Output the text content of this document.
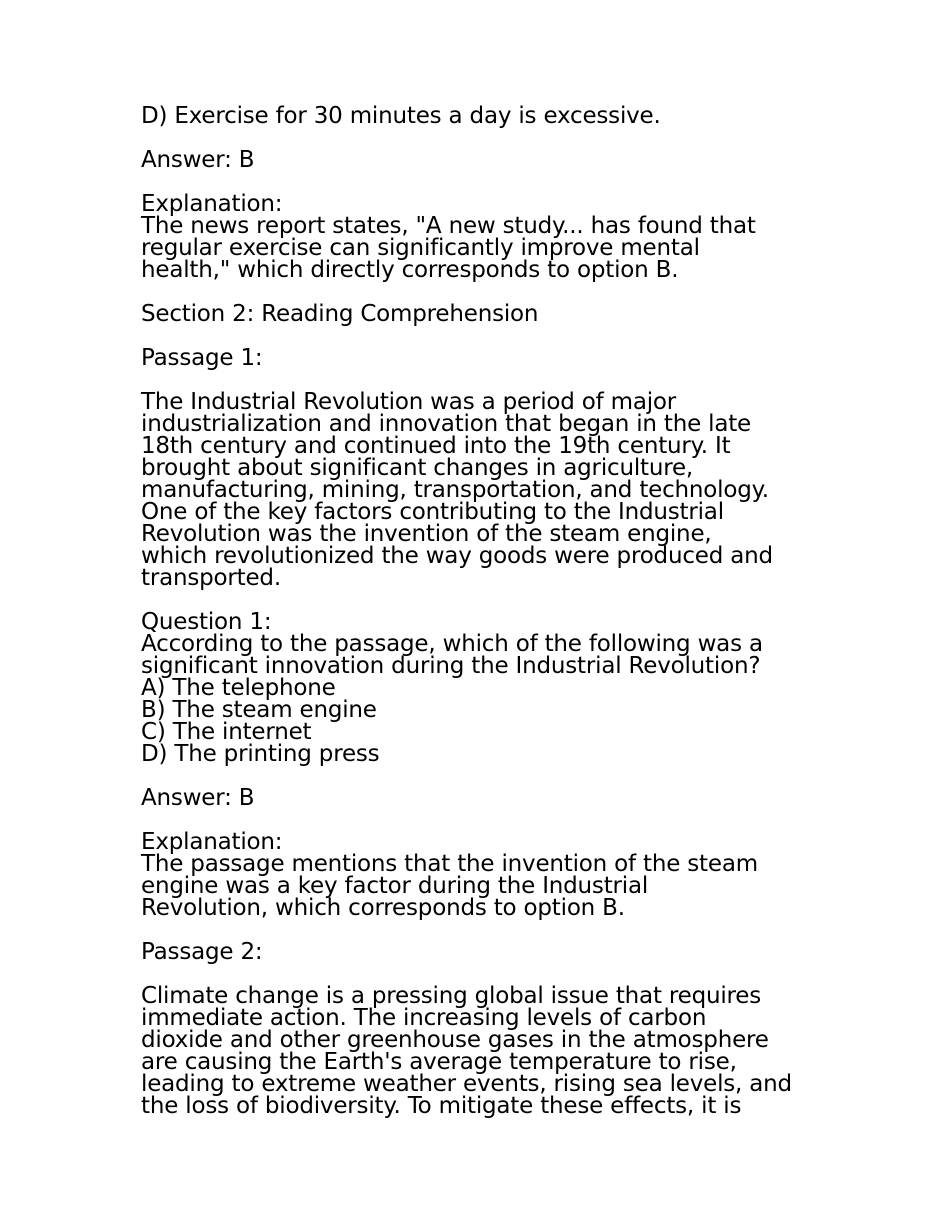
D) Exercise for 30 minutes a day is excessive.
Answer: B
Explanation:
The news report states, "A new study... has found that
regular exercise can significantly improve mental
health," which directly corresponds to option B.
Section 2: Reading Comprehension
Passage 1:
The Industrial Revolution was a period of major
industrialization and innovation that began in the late
18th century and continued into the 19th century. It
brought about significant changes in agriculture,
manufacturing, mining, transportation, and technology.
One of the key factors contributing to the Industrial
Revolution was the invention of the steam engine,
which revolutionized the way goods were produced and
transported.
Question 1:
According to the passage, which of the following was a
significant innovation during the Industrial Revolution?
A) The telephone
B) The steam engine
C) The internet
D) The printing press
Answer: B
Explanation:
The passage mentions that the invention of the steam
engine was a key factor during the Industrial
Revolution, which corresponds to option B.
Passage 2:
Climate change is a pressing global issue that requires
immediate action. The increasing levels of carbon
dioxide and other greenhouse gases in the atmosphere
are causing the Earth's average temperature to rise,
leading to extreme weather events, rising sea levels, and
the loss of biodiversity. To mitigate these effects, it is
